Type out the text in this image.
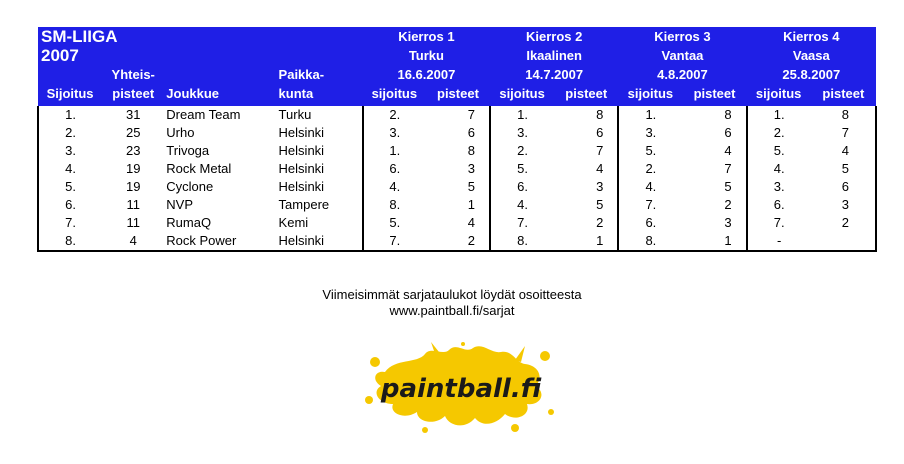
SM-LIIGA				Kierros 1		Kierros 2		Kierros 3		Kierros 4	
2007				Turku		Ikaalinen		Vantaa		Vaasa	
	Yhteis-		Paikka-	16.6.2007		14.7.2007		4.8.2007		25.8.2007	
Sijoitus	pisteet	Joukkue	kunta	sijoitus	pisteet	sijoitus	pisteet	sijoitus	pisteet	sijoitus	pisteet
1.	31	Dream Team	Turku	2.	7	1.	8	1.	8	1.	8
2.	25	Urho	Helsinki	3.	6	3.	6	3.	6	2.	7
3.	23	Trivoga	Helsinki	1.	8	2.	7	5.	4	5.	4
4.	19	Rock Metal	Helsinki	6.	3	5.	4	2.	7	4.	5
5.	19	Cyclone	Helsinki	4.	5	6.	3	4.	5	3.	6
6.	11	NVP	Tampere	8.	1	4.	5	7.	2	6.	3
7.	11	RumaQ	Kemi	5.	4	7.	2	6.	3	7.	2
8.	4	Rock Power	Helsinki	7.	2	8.	1	8.	1	-	
Viimeisimmät sarjataulukot löydät osoitteesta
www.paintball.fi/sarjat
paintball.fi
